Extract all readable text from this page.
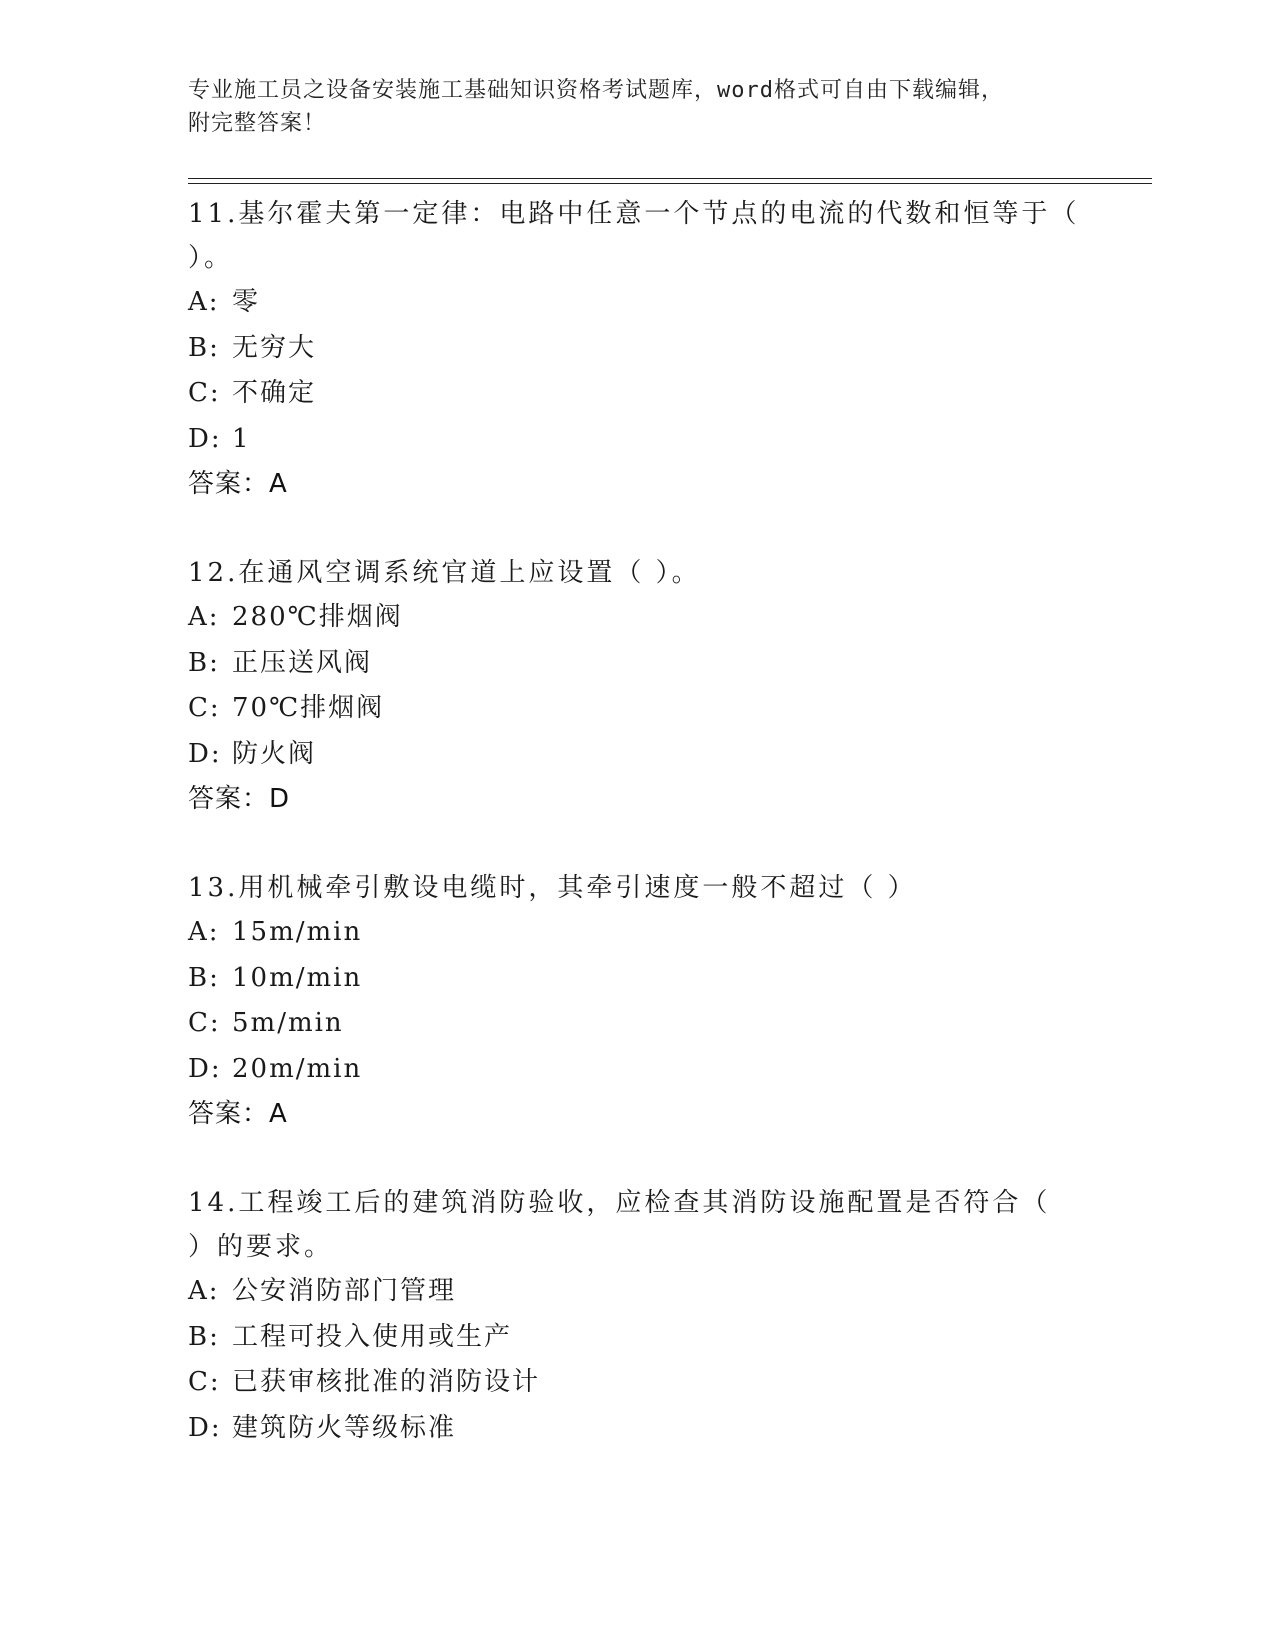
专业施工员之设备安装施工基础知识资格考试题库，word格式可自由下载编辑，
附完整答案！
11.基尔霍夫第一定律：电路中任意一个节点的电流的代数和恒等于（
）。
A: 零
B: 无穷大
C: 不确定
D: 1
答案：A
12.在通风空调系统官道上应设置（ ）。
A: 280℃排烟阀
B: 正压送风阀
C: 70℃排烟阀
D: 防火阀
答案：D
13.用机械牵引敷设电缆时，其牵引速度一般不超过（ ）
A: 15m/min
B: 10m/min
C: 5m/min
D: 20m/min
答案：A
14.工程竣工后的建筑消防验收，应检查其消防设施配置是否符合（
）的要求。
A: 公安消防部门管理
B: 工程可投入使用或生产
C: 已获审核批准的消防设计
D: 建筑防火等级标准
